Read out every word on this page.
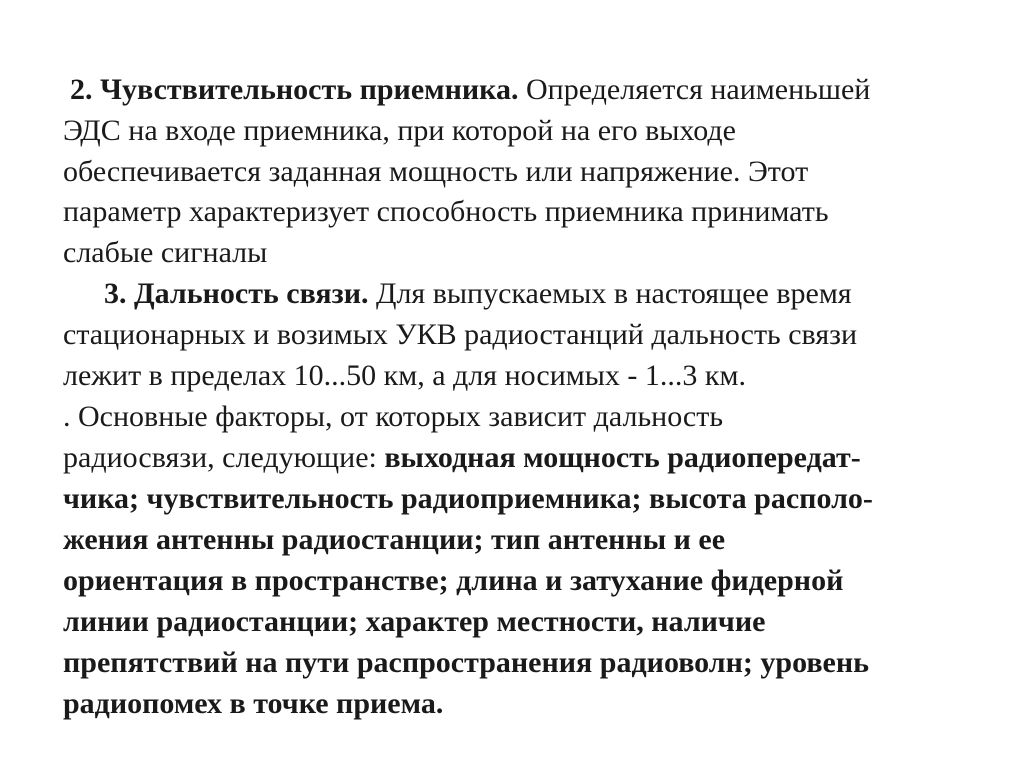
2. Чувствительность приемника. Определяется наименьшей
ЭДС на входе приемника, при которой на его выходе
обеспечивается заданная мощность или напряжение. Этот
параметр характеризует способность приемника принимать
слабые сигналы
3. Дальность связи. Для выпускаемых в настоящее время
стационарных и возимых УКВ радиостанций дальность связи
лежит в пределах 10...50 км, а для носимых - 1...3 км.
. Основные факторы, от которых зависит дальность
радиосвязи, следующие: выходная мощность радиопередат-
чика; чувствительность радиоприемника; высота располо-
жения антенны радиостанции; тип антенны и ее
ориентация в пространстве; длина и затухание фидерной
линии радиостанции; характер местности, наличие
препятствий на пути распространения радиоволн; уровень
радиопомех в точке приема.
